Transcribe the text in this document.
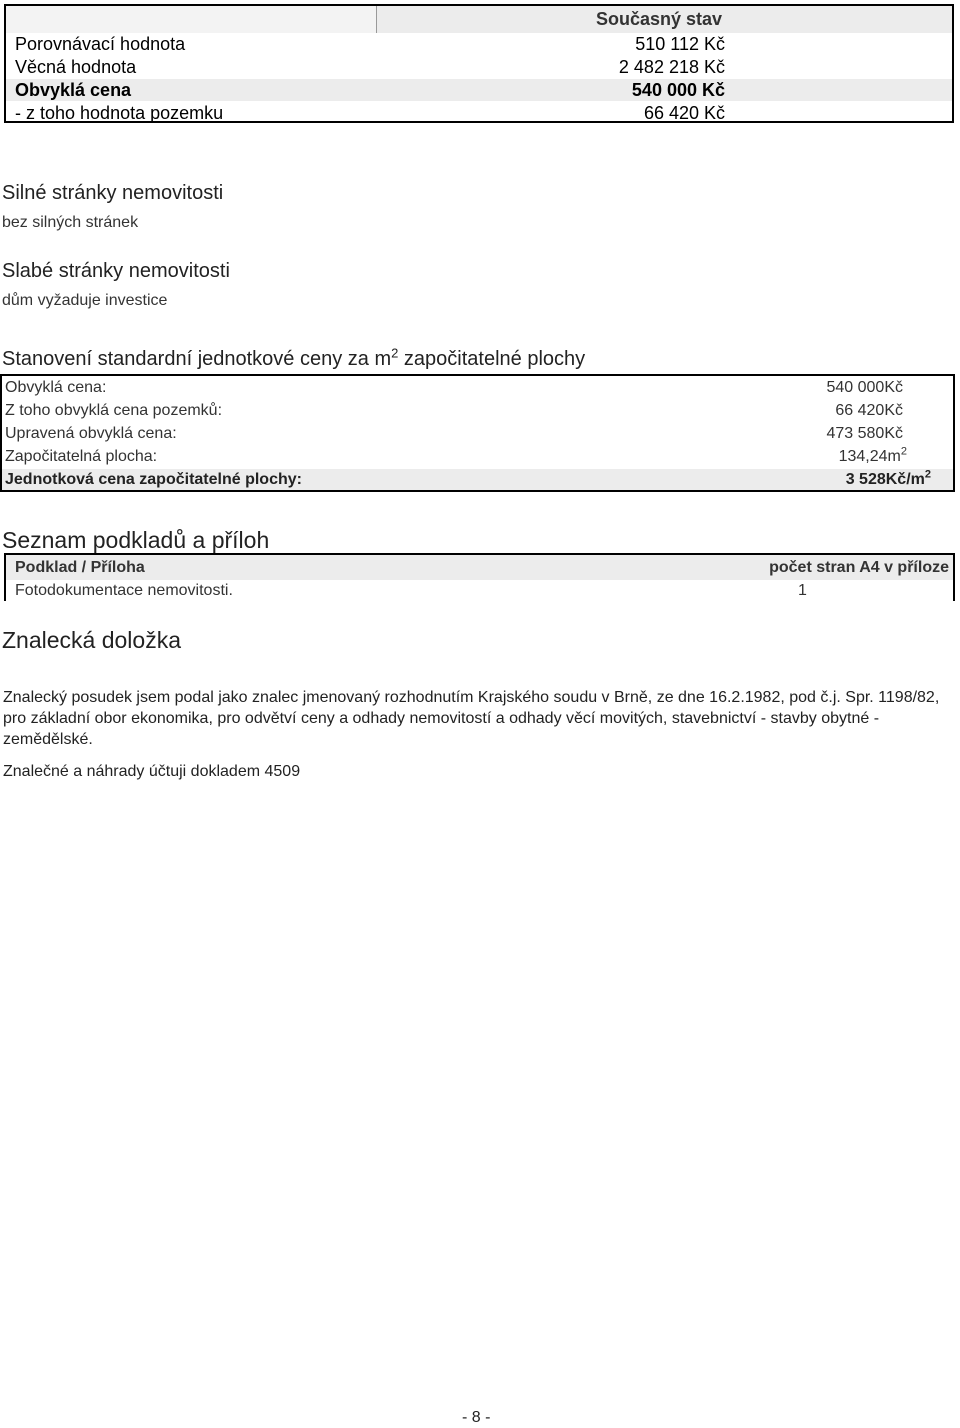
Současný stav
Porovnávací hodnota	510 112 Kč
Věcná hodnota	2 482 218 Kč
Obvyklá cena	540 000 Kč
- z toho hodnota pozemku	66 420 Kč
Silné stránky nemovitosti
bez silných stránek
Slabé stránky nemovitosti
dům vyžaduje investice
Stanovení standardní jednotkové ceny za $m^2$ započitatelné plochy
Obvyklá cena:	540 000Kč
Z toho obvyklá cena pozemků:	66 420Kč
Upravená obvyklá cena:	473 580Kč
Započitatelná plocha:	$134,24m^2$
Jednotková cena započitatelné plochy:	3 $528Kč/m^2$
Seznam podkladů a příloh
Podklad / Příloha	počet stran A4 v příloze
Fotodokumentace nemovitosti.	1
Znalecká doložka
Znalecký posudek jsem podal jako znalec jmenovaný rozhodnutím Krajského soudu v Brně, ze dne 16.2.1982, pod č.j. Spr. 1198/82, pro základní obor ekonomika, pro odvětví ceny a odhady nemovitostí a odhady věcí movitých, stavebnictví - stavby obytné - zemědělské.
Znalečné a náhrady účtuji dokladem 4509
- 8 -
